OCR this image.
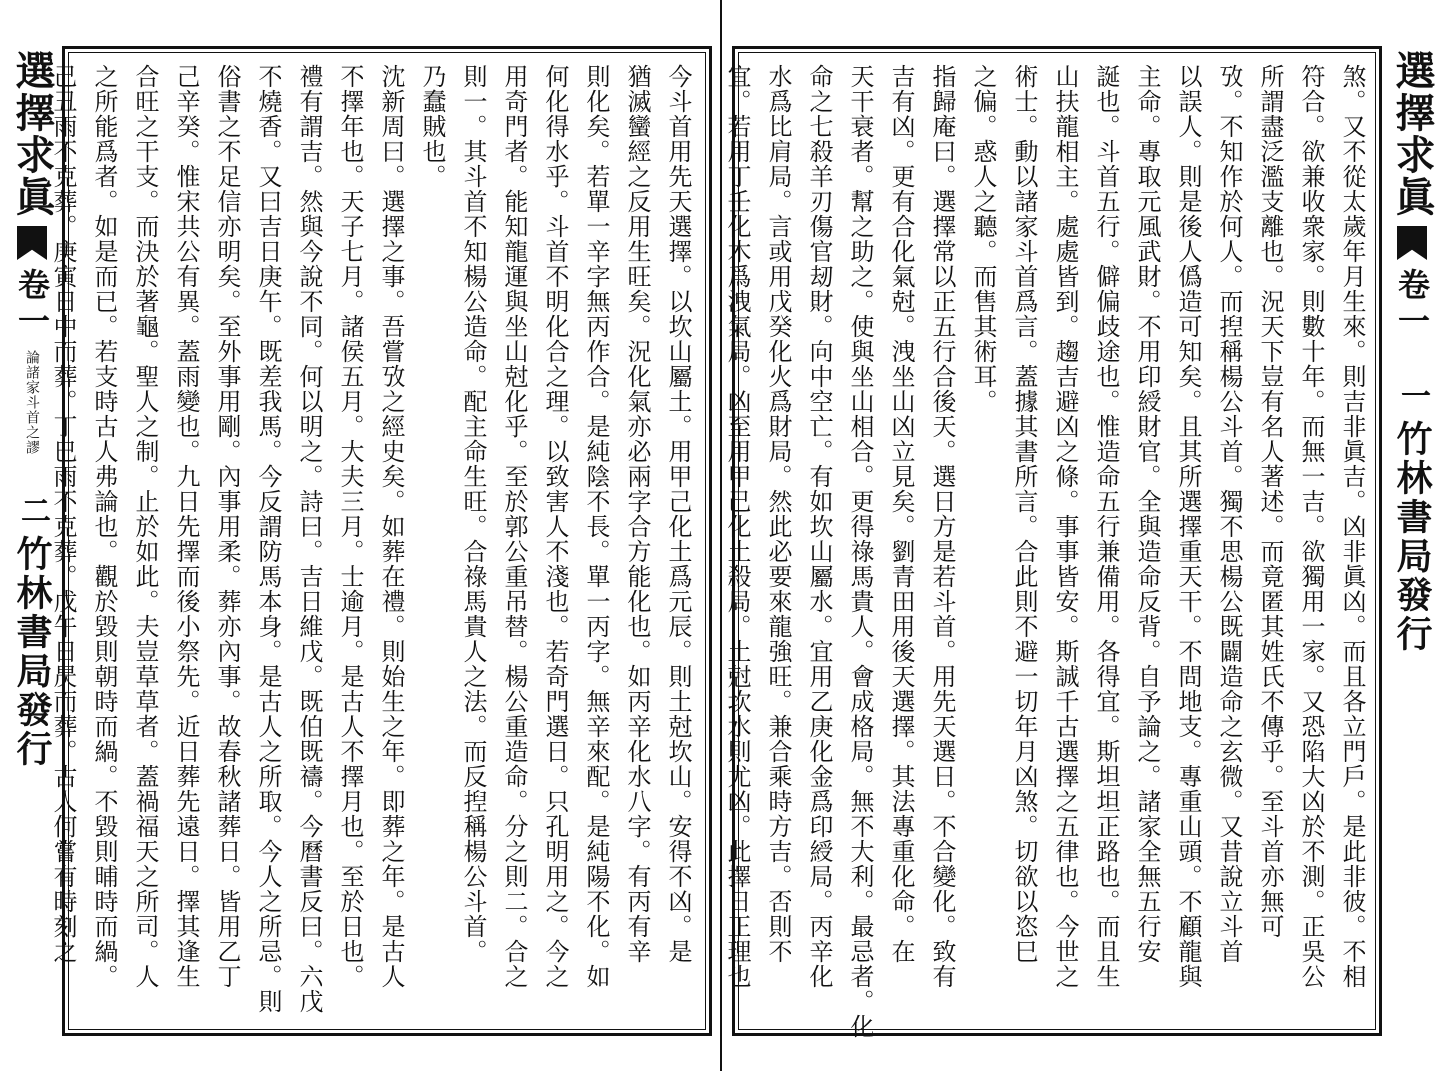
選擇求眞卷一論諸家斗首之謬二竹林書局發行	今斗首用先天選擇。以坎山屬土。用甲己化土爲元辰。則土尅坎山。安得不凶。是
猶滅蠻經之反用生旺矣。況化氣亦必兩字合方能化也。如丙辛化水八字。有丙有辛
則化矣。若單一辛字無丙作合。是純陰不長。單一丙字。無辛來配。是純陽不化。如
何化得水乎。斗首不明化合之理。以致害人不淺也。若奇門選日。只孔明用之。今之
用奇門者。能知龍運與坐山尅化乎。至於郭公重吊替。楊公重造命。分之則二。合之
則一。其斗首不知楊公造命。配主命生旺。合祿馬貴人之法。而反揑稱楊公斗首。
乃蠢賊也。
沈新周曰。選擇之事。吾嘗攷之經史矣。如葬在禮。則始生之年。即葬之年。是古人
不擇年也。天子七月。諸侯五月。大夫三月。士逾月。是古人不擇月也。至於日也。
禮有謂吉。然與今說不同。何以明之。詩曰。吉日維戊。既伯既禱。今曆書反曰。六戊
不燒香。又曰吉日庚午。既差我馬。今反謂防馬本身。是古人之所取。今人之所忌。則
俗書之不足信亦明矣。至外事用剛。內事用柔。葬亦內事。故春秋諸葬日。皆用乙丁
己辛癸。惟宋共公有異。蓋雨變也。九日先擇而後小祭先。近日葬先遠日。擇其逢生
合旺之干支。而決於著龜。聖人之制。止於如此。夫豈草草者。蓋禍福天之所司。人
之所能爲者。如是而已。若支時古人弗論也。觀於毀則朝時而緺。不毀則晡時而緺。
己丑雨不克葬。庚寅日中而葬。丁巳雨不克葬。戊午日昃而葬。古人何嘗有時刻之	煞。又不從太歲年月生來。則吉非眞吉。凶非眞凶。而且各立門戶。是此非彼。不相
符合。欲兼收衆家。則數十年。而無一吉。欲獨用一家。又恐陷大凶於不測。正吳公
所謂盡泛濫支離也。況天下豈有名人著述。而竟匿其姓氏不傳乎。至斗首亦無可
攷。不知作於何人。而揑稱楊公斗首。獨不思楊公既闢造命之玄微。又昔說立斗首
以誤人。則是後人僞造可知矣。且其所選擇重天干。不問地支。專重山頭。不顧龍與
主命。專取元風武財。不用印綬財官。全與造命反背。自予論之。諸家全無五行安
誕也。斗首五行。僻偏歧途也。惟造命五行兼備用。各得宜。斯坦坦正路也。而且生
山扶龍相主。處處皆到。趨吉避凶之條。事事皆安。斯誠千古選擇之五律也。今世之
術士。動以諸家斗首爲言。蓋據其書所言。合此則不避一切年月凶煞。切欲以恣巳
之偏。惑人之聽。而售其術耳。
指歸庵曰。選擇常以正五行合後天。選日方是若斗首。用先天選日。不合變化。致有
吉有凶。更有合化氣尅。洩坐山凶立見矣。劉青田用後天選擇。其法專重化命。在
天干衰者。幫之助之。使與坐山相合。更得祿馬貴人。會成格局。無不大利。最忌者。化
命之七殺羊刃傷官刼財。向中空亡。有如坎山屬水。宜用乙庚化金爲印綬局。丙辛化
水爲比肩局。言或用戊癸化火爲財局。然此必要來龍強旺。兼合乘時方吉。否則不
宜。若用丁壬化木爲洩氣局。凶至用甲己化土殺局。土尅坎水則尤凶。此擇日正理也	選擇求眞卷一一竹林書局發行
